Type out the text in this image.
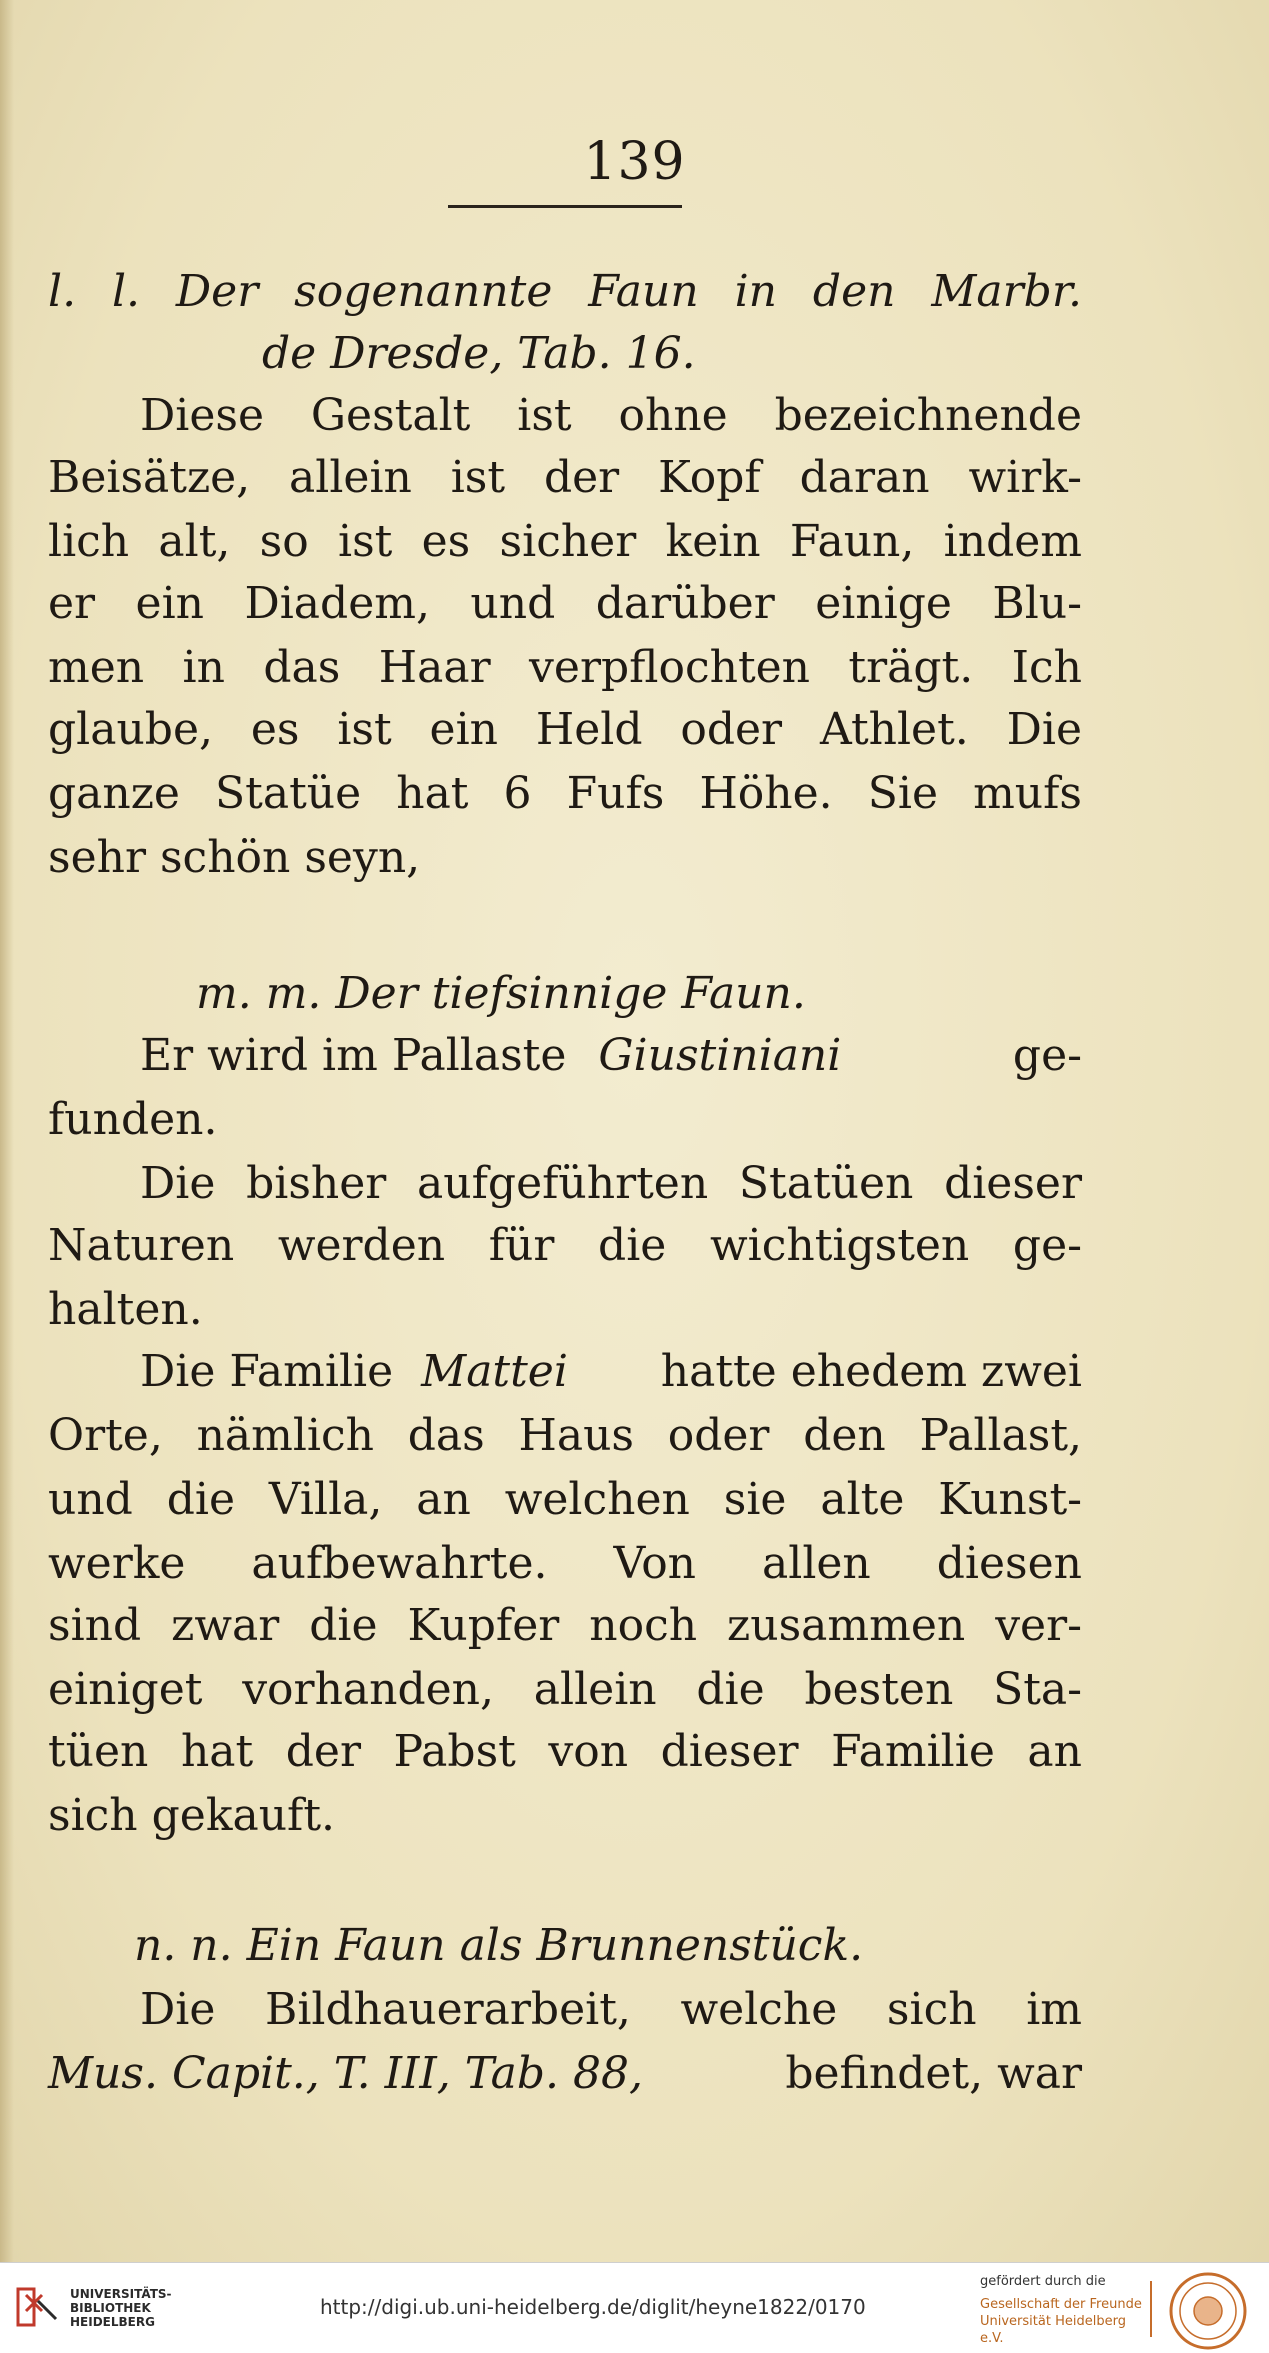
139
l. l. Der sogenannte Faun in den Marbr.
de Dresde, Tab. 16.
Diese Gestalt ist ohne bezeichnende
Beisätze, allein ist der Kopf daran wirk-
lich alt, so ist es sicher kein Faun, indem
er ein Diadem, und darüber einige Blu-
men in das Haar verpflochten trägt. Ich
glaube, es ist ein Held oder Athlet. Die
ganze Statüe hat 6 Fufs Höhe. Sie mufs
sehr schön seyn,
m. m. Der tiefsinnige Faun.
Er wird im Pallaste Giustiniani	ge-
funden.
Die bisher aufgeführten Statüen dieser
Naturen werden für die wichtigsten ge-
halten.
Die Familie Mattei hatte ehedem zwei
Orte, nämlich das Haus oder den Pallast,
und die Villa, an welchen sie alte Kunst-
werke aufbewahrte. Von allen diesen
sind zwar die Kupfer noch zusammen ver-
einiget vorhanden, allein die besten Sta-
tüen hat der Pabst von dieser Familie an
sich gekauft.
n. n. Ein Faun als Brunnenstück.
Die Bildhauerarbeit, welche sich im
Mus. Capit., T. III, Tab. 88,	befindet, war
UNIVERSITÄTS-
BIBLIOTHEK
HEIDELBERG
http://digi.ub.uni-heidelberg.de/diglit/heyne1822/0170
gefördert durch die
Gesellschaft der Freunde
Universität Heidelberg e.V.
